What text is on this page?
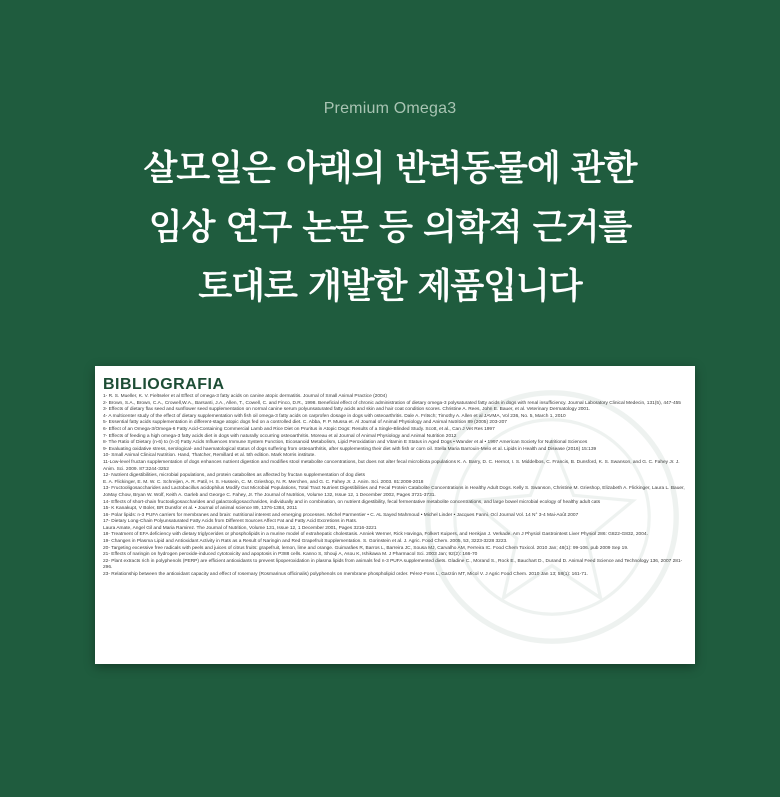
Premium Omega3
살모일은 아래의 반려동물에 관한
임상 연구 논문 등 의학적 근거를
토대로 개발한 제품입니다
BIBLIOGRAFIA
1- R. S. Mueller, K. V. Fieltseler et al Effect of omega-3 fatty acids on canine atopic dermatitis. Journal of Small Animal Practice (2004)
2- Brown, S.A., Brown, C.A., Crowell,W.A., Barsanti, J.A., Allen, T., Cowell, C. and Finco, D.R., 1998. Beneficial effect of chronic administration of dietary omega-3 polysaturated fatty acids in dogs with renal insufficiency. Journal Laboratory Clinical Medecin, 131(5), 447-455
3- Effects of dietary flax seed and sunflower seed supplementation on normal canine serum polyunsaturated fatty acids and skin and hair coat condition scores. Christine A. Rees, John E. Bauer, et al. Veterinary Dermatology 2001.
4- A multicenter study of the effect of dietary supplementation with fish oil omega-3 fatty acids on carprofen dosage in dogs with osteoarthritis. Dale A. Fritsch; Timothy A. Allen et al JAVMA, Vol 236, No. 5, March 1, 2010
5- Essential fatty acids supplementation in different-stage atopic dogs fed on a controlled diet. C. Abba, P. P. Mussa et. Al Journal of Animal Physiology and Animal Nutrition 89 (2005) 203-207
6- Effect of an Omega-3/Omega-6 Fatty Acid-Containing Commercial Lamb and Rice Diet on Pruritus in Atopic Dogs: Results of a Single-Blinded Study. Scott, et al., Can J Vet Res 1997
7- Effects of feeding a high omega-3 fatty acids diet in dogs with naturally occurring osteoarthritis. Moreau et al Journal of Animal Physiology and Animal Nutrition 2012
8- The Ratio of Dietary (n-6) to (n-3) Fatty Acids Influences Immune System Function, Eicosanoid Metabolism, Lipid Peroxidation and Vitamin E Status in Aged Dogs • Wander et al • 1997 American Society for Nutritional Sciences
9- Evaluating oxidative stress, serological- and haematological status of dogs suffering from osteoarthritis, after supplementing their diet with fish or corn oil. Stella Maria Barrouin-Melo et al. Lipids in Health and Disease (2016) 15:139
10- Small Animal Clinical Nutrition. Hand, Thatcher, Remillard et al. 5th edition. Mark Morris institute.
11-Low-level fructan supplementation of dogs enhances nutrient digestion and modifies stool metabolite concentrations, but does not alter fecal microbiota populations K. A. Barry, D. C. Hernot, I. S. Middelbos, C. Francis, B. Dunsford, K. S. Swanson, and G. C. Fahey Jr. J. Anim. Sci. 2009. 87:3244-3252
12- Nutrient digestibilities, microbial populations, and protein catabolites as affected by fructan supplementation of dog diets
E. A. Flickinger, E. M. W. C. Schreijen, A. R. Patil, H. S. Hussein, C. M. Grieshop, N. R. Merchen, and G. C. Fahey Jr. J. Anim. Sci. 2003. 81:2008-2018
13- Fructooligosaccharides and Lactobacillus acidophilus Modify Gut Microbial Populations, Total Tract Nutrient Digestibilities and Fecal Protein Catabolite Concentrations in Healthy Adult Dogs. Kelly S. Swanson, Christine M. Grieshop, Elizabeth A. Flickinger, Laura L. Bauer, JoMay Chow, Bryan W. Wolf, Keith A. Garleb and George C. Fahey, Jr. The Journal of Nutrition, Volume 132, Issue 12, 1 December 2002, Pages 3721-3731.
14- Effects of short-chain fructooligosaccharides and galactooligosaccharides, individually and in combination, on nutrient digestibility, fecal fermentative metabolite concentrations, and large bowel microbial ecology of healthy adult cats
15- K Kanakupt, V Boler, BR Dunsfor et al. • Journal of animal science 89, 1376-1384, 2011
16- Polar lipids: n-3 PUFA carriers for membranes and brain: nutritional interest and emerging processes. Michel Parmentier • C. AL Sayed Mahmoud • Michel Linder • Jacques Fanni. Ocl Journal Vol. 14 N° 3-4 Mai-Août 2007
17- Dietary Long-Chain Polyunsaturated Fatty Acids from Different Sources Affect Fat and Fatty Acid Excretions in Rats.
Laura Amate, Angel Gil and Maria Ramirez. The Journal of Nutrition, Volume 131, Issue 12, 1 December 2001, Pages 3216-3221
18- Treatment of EFA deficiency with dietary triglycerides or phospholipids in a murine model of extrahepatic cholestasis. Anniek Werner, Rick Havinga, Folkert Kuipers, and Henkjan J. Verkade. Am J Physiol Gastrointest Liver Physiol 286: G822-G832, 2004.
19- Changes in Plasma Lipid and Antioxidant Activity in Rats as a Result of Naringin and Red Grapefruit Supplementation. S. Gorinstein et al. J. Agric. Food Chem. 2005, 53, 3223-3228 3223.
20- Targeting excessive free radicals with peels and juices of citrus fruits: grapefruit, lemon, lime and orange. Guimarães R, Barros L, Barreira JC, Sousa MJ, Carvalho AM, Ferreira IC. Food Chem Toxicol. 2010 Jan; 48(1): 99-106. pub 2009 Sep 19.
21- Effects of naringin on hydrogen peroxide-induced cytotoxicity and apoptosis in P388 cells. Kanno S, Shouji A, Asou K, Ishikawa M. J Pharmacol Sci. 2003 Jan; 92(2): 166-70
22- Plant extracts rich in polyphenols (PERP) are efficient antioxidants to prevent lipoperoxidation in plasma lipids from animals fed n-3 PUFA supplemented diets. Gladine C., Morand S., Rock E., Bauchart D., Durand D. Animal Feed Science and Technology 136, 2007 281-296.
23- Relationship between the antioxidant capacity and effect of rosemary (Rosmarinus officinalis) polyphenols on membrane phospholipid order. Pérez-Fons L, Garzón MT, Micol V. J Agric Food Chem. 2010 Jan 13; 58(1): 161-71.
